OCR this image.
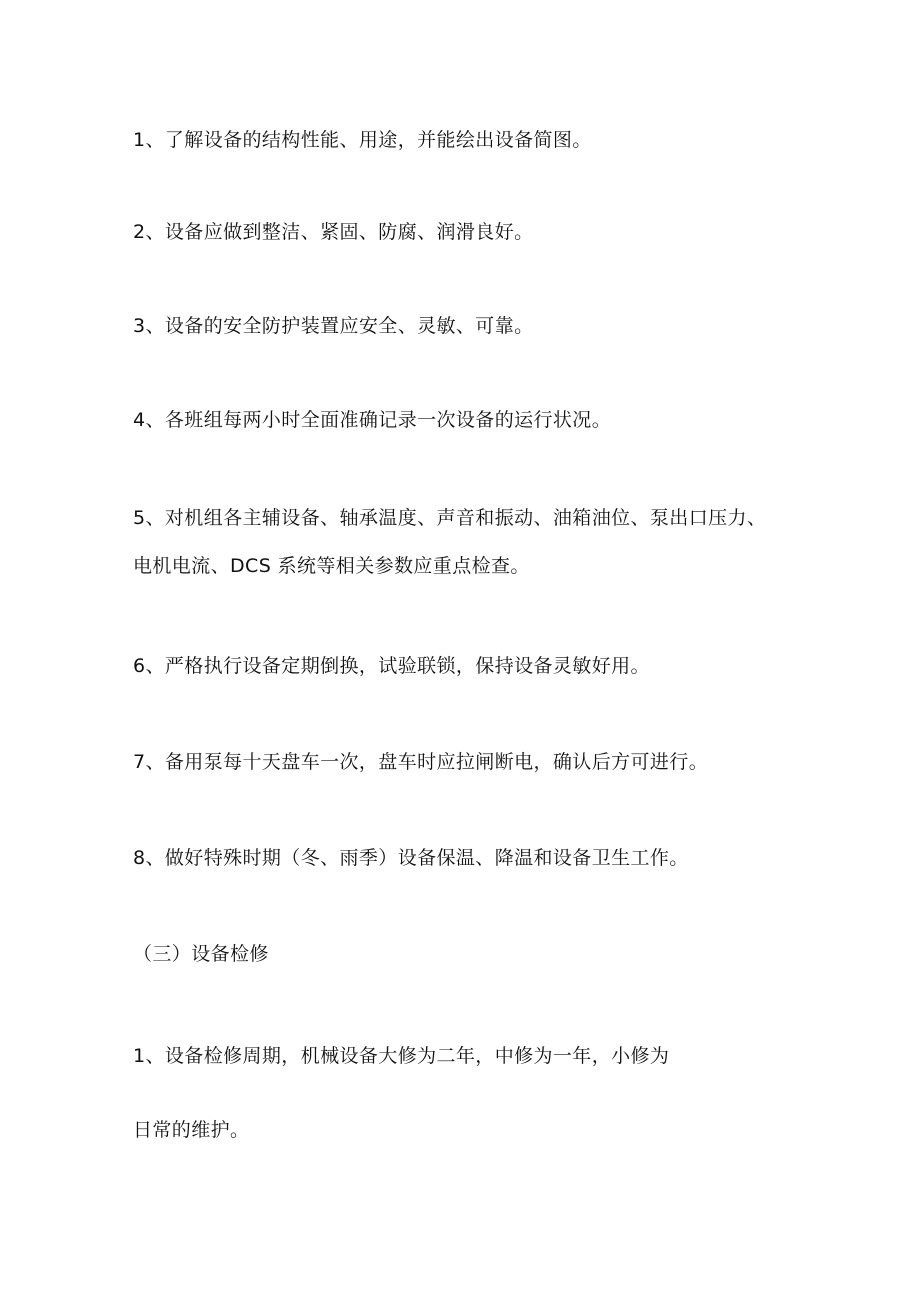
1、了解设备的结构性能、用途，并能绘出设备简图。
2、设备应做到整洁、紧固、防腐、润滑良好。
3、设备的安全防护装置应安全、灵敏、可靠。
4、各班组每两小时全面准确记录一次设备的运行状况。
5、对机组各主辅设备、轴承温度、声音和振动、油箱油位、泵出口压力、
电机电流、DCS 系统等相关参数应重点检查。
6、严格执行设备定期倒换，试验联锁，保持设备灵敏好用。
7、备用泵每十天盘车一次，盘车时应拉闸断电，确认后方可进行。
8、做好特殊时期（冬、雨季）设备保温、降温和设备卫生工作。
（三）设备检修
1、设备检修周期，机械设备大修为二年，中修为一年，小修为
日常的维护。
